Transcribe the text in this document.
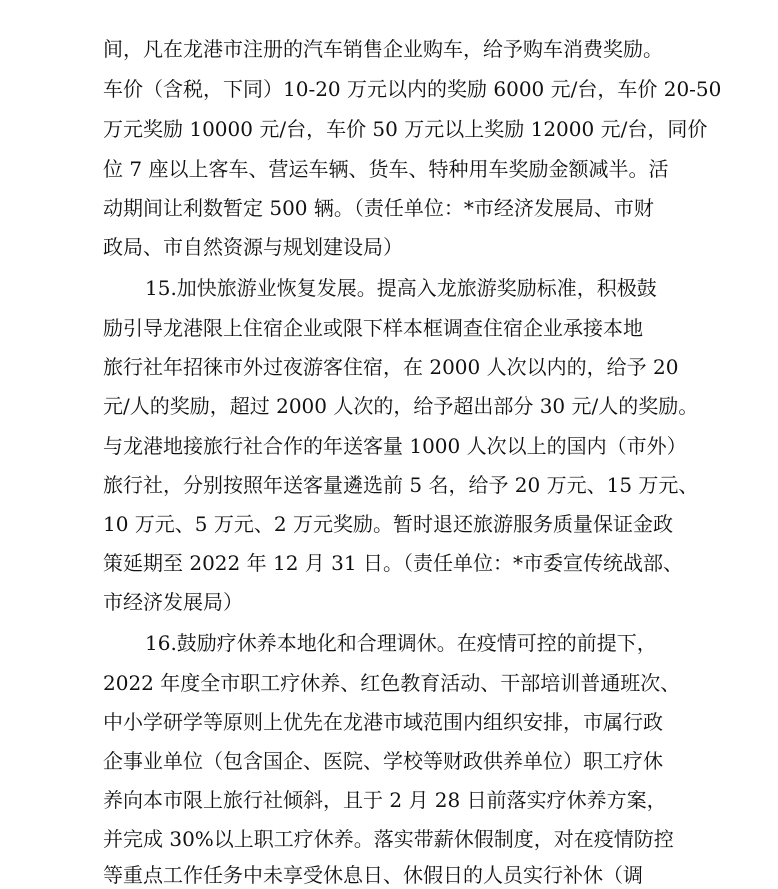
间，凡在龙港市注册的汽车销售企业购车，给予购车消费奖励。
车价（含税，下同）10-20 万元以内的奖励 6000 元/台，车价 20-50
万元奖励 10000 元/台，车价 50 万元以上奖励 12000 元/台，同价
位 7 座以上客车、营运车辆、货车、特种用车奖励金额减半。活
动期间让利数暂定 500 辆。（责任单位：*市经济发展局、市财
政局、市自然资源与规划建设局）
15.加快旅游业恢复发展。提高入龙旅游奖励标准，积极鼓
励引导龙港限上住宿企业或限下样本框调查住宿企业承接本地
旅行社年招徕市外过夜游客住宿，在 2000 人次以内的，给予 20
元/人的奖励，超过 2000 人次的，给予超出部分 30 元/人的奖励。
与龙港地接旅行社合作的年送客量 1000 人次以上的国内（市外）
旅行社，分别按照年送客量遴选前 5 名，给予 20 万元、15 万元、
10 万元、5 万元、2 万元奖励。暂时退还旅游服务质量保证金政
策延期至 2022 年 12 月 31 日。（责任单位：*市委宣传统战部、
市经济发展局）
16.鼓励疗休养本地化和合理调休。在疫情可控的前提下，
2022 年度全市职工疗休养、红色教育活动、干部培训普通班次、
中小学研学等原则上优先在龙港市域范围内组织安排，市属行政
企事业单位（包含国企、医院、学校等财政供养单位）职工疗休
养向本市限上旅行社倾斜，且于 2 月 28 日前落实疗休养方案，
并完成 30%以上职工疗休养。落实带薪休假制度，对在疫情防控
等重点工作任务中未享受休息日、休假日的人员实行补休（调
